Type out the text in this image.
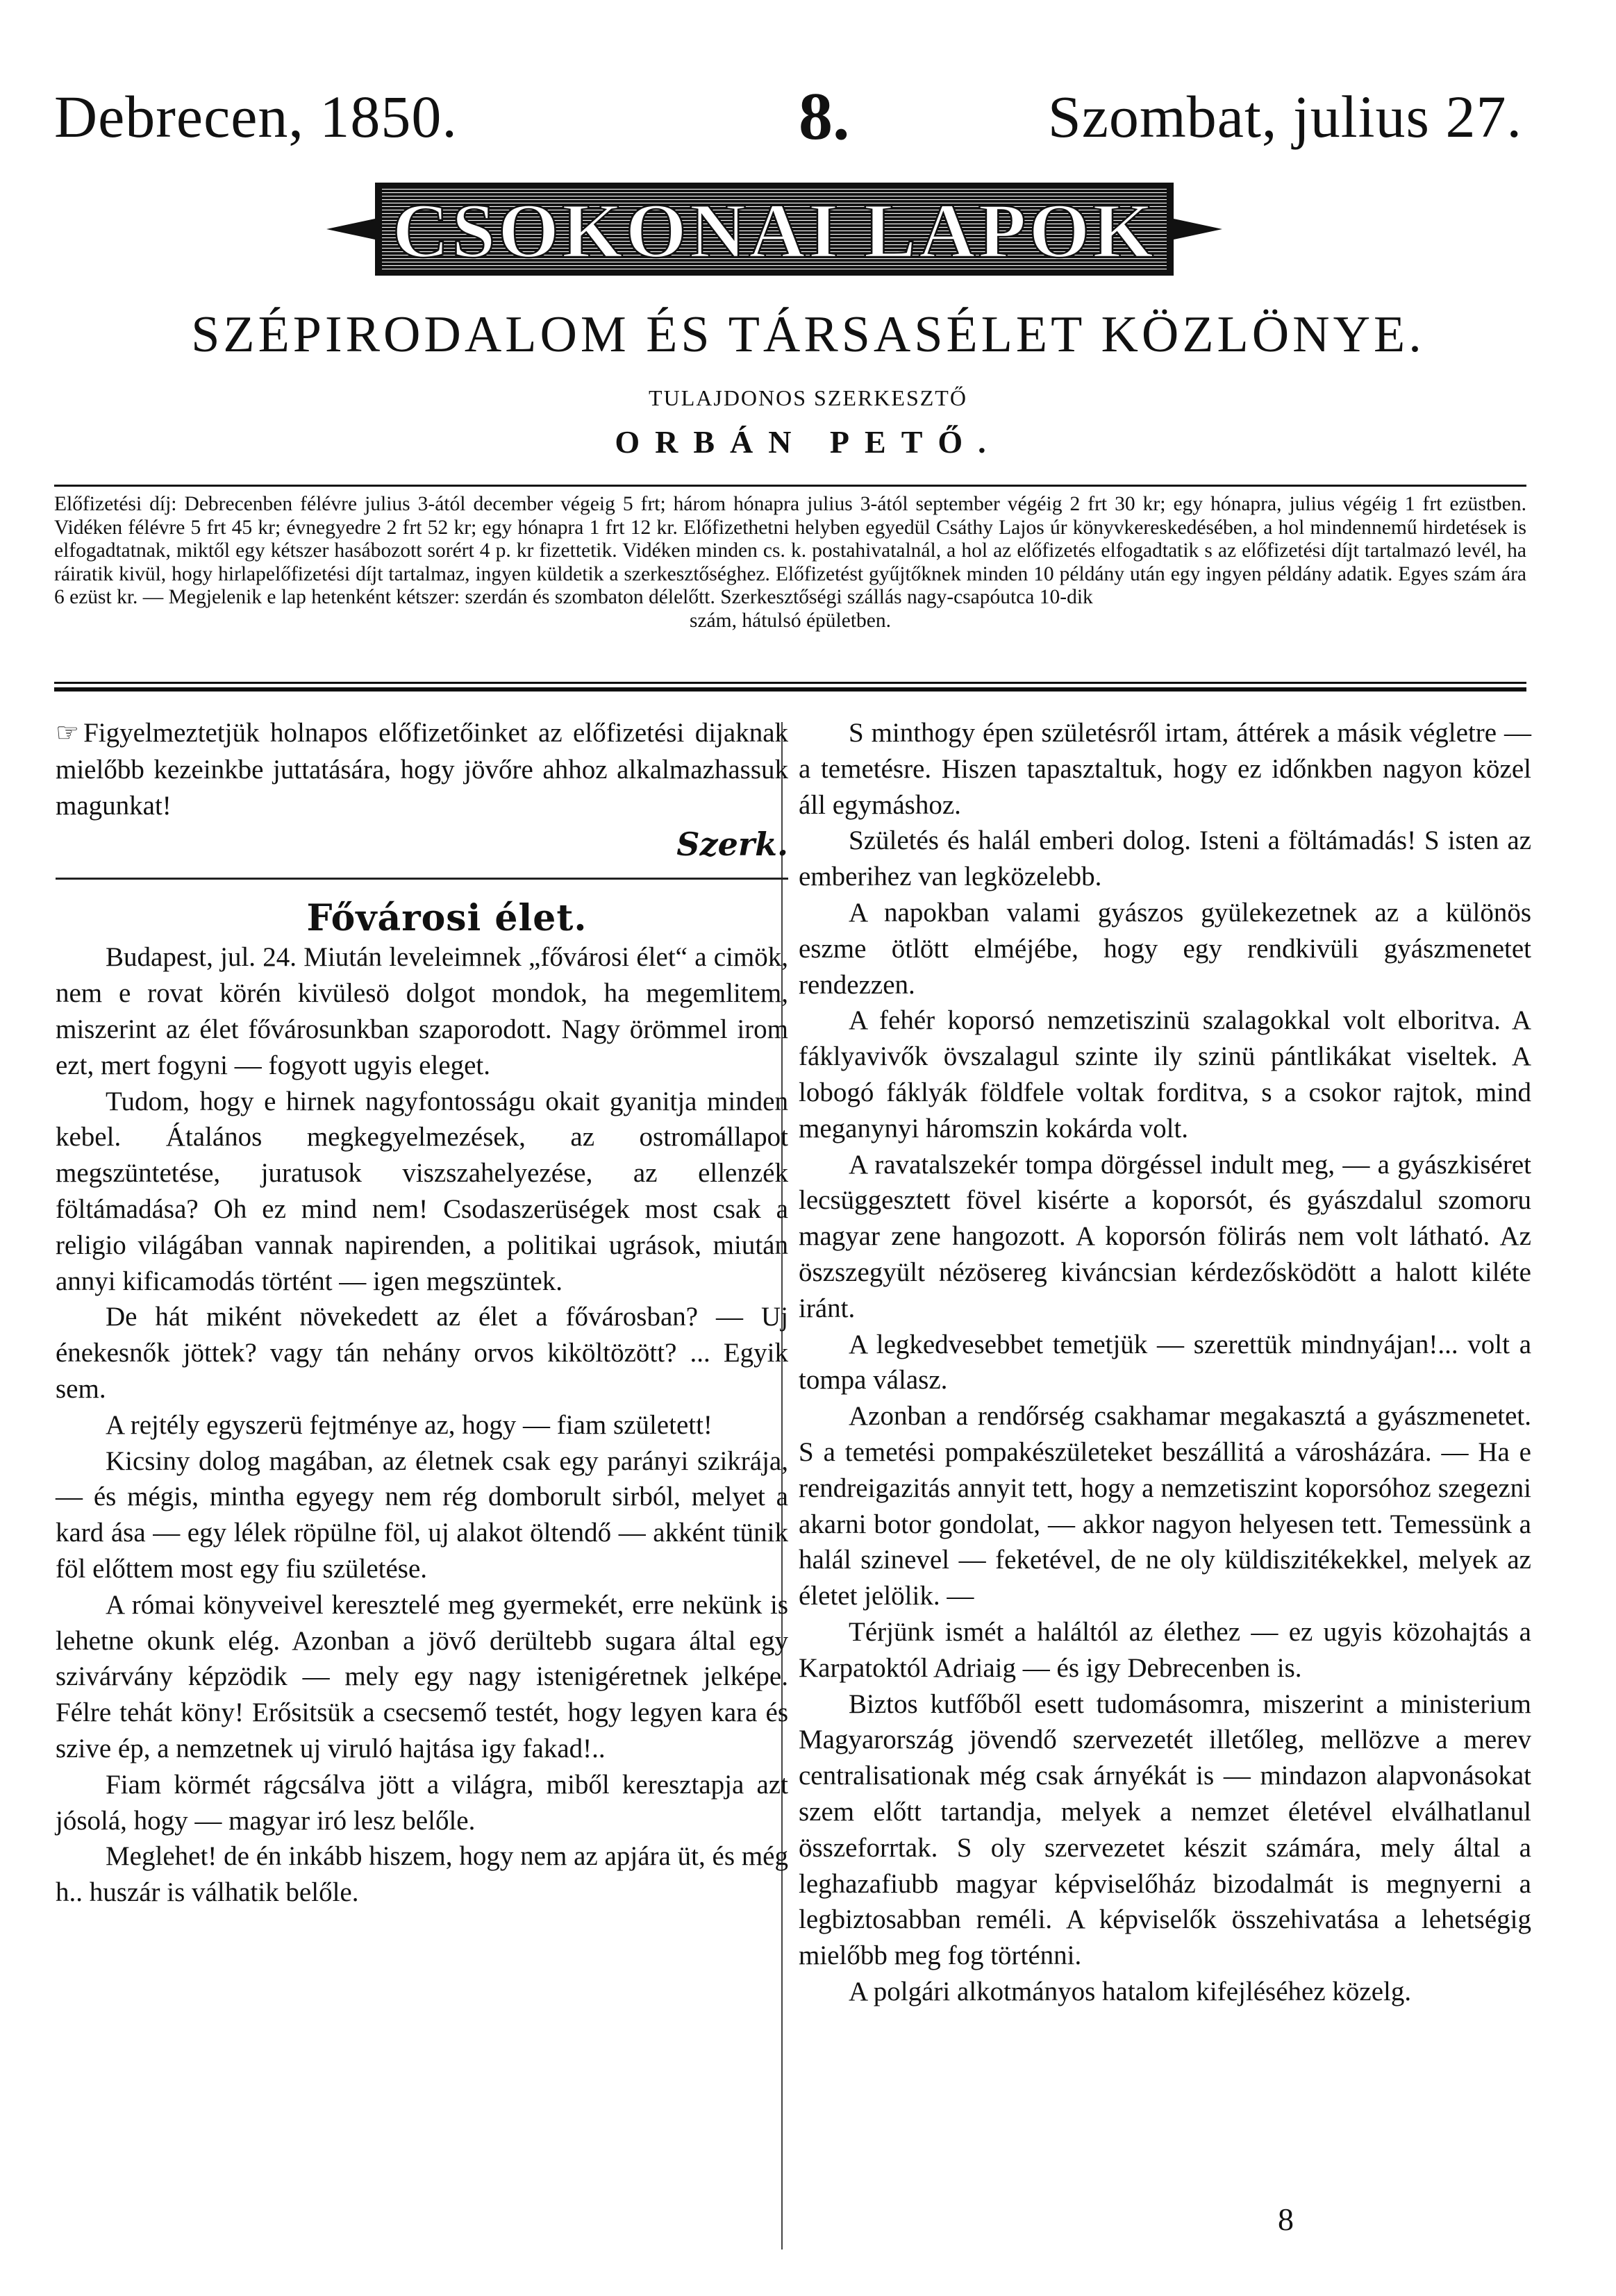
Debrecen, 1850.	8.	Szombat, julius 27.
CSOKONAI LAPOK
SZÉPIRODALOM ÉS TÁRSASÉLET KÖZLÖNYE.
TULAJDONOS SZERKESZTŐ
ORBÁN PETŐ.
Előfizetési díj: Debrecenben félévre julius 3-ától december végeig 5 frt; három hónapra julius 3-ától september végéig 2 frt 30 kr; egy hónapra, julius végéig 1 frt ezüstben. Vidéken félévre 5 frt 45 kr; évnegyedre 2 frt 52 kr; egy hónapra 1 frt 12 kr. Előfizethetni helyben egyedül Csáthy Lajos úr könyvkereskedésében, a hol mindennemű hirdetések is elfogadtatnak, miktől egy kétszer hasábozott sorért 4 p. kr fizettetik. Vidéken minden cs. k. postahivatalnál, a hol az előfizetés elfogadtatik s az előfizetési díjt tartalmazó levél, ha ráiratik kivül, hogy hirlapelőfizetési díjt tartalmaz, ingyen küldetik a szerkesztőséghez. Előfizetést gyűjtőknek minden 10 példány után egy ingyen példány adatik. Egyes szám ára 6 ezüst kr. — Megjelenik e lap hetenként kétszer: szerdán és szombaton délelőtt. Szerkesztőségi szállás nagy-csapóutca 10-dik
szám, hátulsó épületben.

☞ Figyelmeztetjük holnapos előfizetőinket az előfizetési dijaknak mielőbb kezeinkbe juttatására, hogy jövőre ahhoz alkalmazhassuk magunkat!

Szerk.

Fővárosi élet.

Budapest, jul. 24. Miután leveleimnek „fővárosi élet“ a cimök, nem e rovat körén kivülesö dolgot mondok, ha megemlitem, miszerint az élet fővárosunkban szaporodott. Nagy örömmel irom ezt, mert fogyni — fogyott ugyis eleget.

Tudom, hogy e hirnek nagyfontosságu okait gyanitja minden kebel. Átalános megkegyelmezések, az ostromállapot megszüntetése, juratusok viszszahelyezése, az ellenzék föltámadása? Oh ez mind nem! Csodaszerüségek most csak a religio világában vannak napirenden, a politikai ugrások, miután annyi kificamodás történt — igen megszüntek.

De hát miként növekedett az élet a fővárosban? — Uj énekesnők jöttek? vagy tán nehány orvos kiköltözött? ... Egyik sem.

A rejtély egyszerü fejtménye az, hogy — fiam született!

Kicsiny dolog magában, az életnek csak egy parányi szikrája, — és mégis, mintha egyegy nem rég domborult sirból, melyet a kard ása — egy lélek röpülne föl, uj alakot öltendő — akként tünik föl előttem most egy fiu születése.

A római könyveivel keresztelé meg gyermekét, erre nekünk is lehetne okunk elég. Azonban a jövő derültebb sugara által egy szivárvány képzödik — mely egy nagy istenigéretnek jelképe. Félre tehát köny! Erősitsük a csecsemő testét, hogy legyen kara és szive ép, a nemzetnek uj viruló hajtása igy fakad!..

Fiam körmét rágcsálva jött a világra, miből keresztapja azt jósolá, hogy — magyar iró lesz belőle.

Meglehet! de én inkább hiszem, hogy nem az apjára üt, és még h.. huszár is válhatik belőle.

S minthogy épen születésről irtam, áttérek a másik végletre — a temetésre. Hiszen tapasztaltuk, hogy ez időnkben nagyon közel áll egymáshoz.

Születés és halál emberi dolog. Isteni a föltámadás! S isten az emberihez van legközelebb.

A napokban valami gyászos gyülekezetnek az a különös eszme ötlött elméjébe, hogy egy rendkivüli gyászmenetet rendezzen.

A fehér koporsó nemzetiszinü szalagokkal volt elboritva. A fáklyavivők övszalagul szinte ily szinü pántlikákat viseltek. A lobogó fáklyák földfele voltak forditva, s a csokor rajtok, mind meganynyi háromszin kokárda volt.

A ravatalszekér tompa dörgéssel indult meg, — a gyászkiséret lecsüggesztett fövel kisérte a koporsót, és gyászdalul szomoru magyar zene hangozott. A koporsón fölirás nem volt látható. Az öszszegyült nézösereg kiváncsian kérdezősködött a halott kiléte iránt.

A legkedvesebbet temetjük — szerettük mindnyájan!... volt a tompa válasz.

Azonban a rendőrség csakhamar megakasztá a gyászmenetet. S a temetési pompakészületeket beszállitá a városházára. — Ha e rendreigazitás annyit tett, hogy a nemzetiszint koporsóhoz szegezni akarni botor gondolat, — akkor nagyon helyesen tett. Temessünk a halál szinevel — feketével, de ne oly küldiszitékekkel, melyek az életet jelölik. —

Térjünk ismét a haláltól az élethez — ez ugyis közohajtás a Karpatoktól Adriaig — és igy Debrecenben is.

Biztos kutfőből esett tudomásomra, miszerint a ministerium Magyarország jövendő szervezetét illetőleg, mellözve a merev centralisationak még csak árnyékát is — mindazon alapvonásokat szem előtt tartandja, melyek a nemzet életével elválhatlanul összeforrtak. S oly szervezetet készit számára, mely által a leghazafiubb magyar képviselőház bizodalmát is megnyerni a legbiztosabban reméli. A képviselők összehivatása a lehetségig mielőbb meg fog történni.

A polgári alkotmányos hatalom kifejléséhez közelg.

8
